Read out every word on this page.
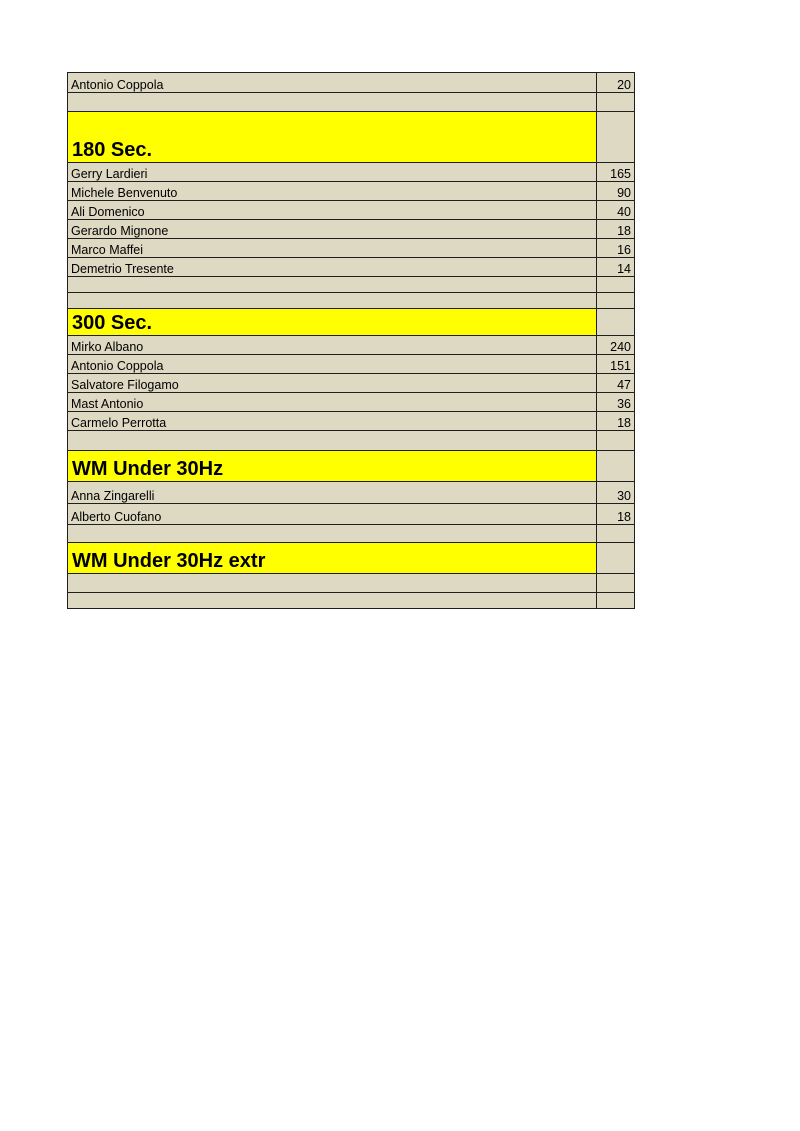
Antonio Coppola	20

180 Sec.	
Gerry Lardieri	165
Michele Benvenuto	90
Ali Domenico	40
Gerardo Mignone	18
Marco Maffei	16
Demetrio Tresente	14

300 Sec.	
Mirko Albano	240
Antonio Coppola	151
Salvatore Filogamo	47
Mast Antonio	36
Carmelo Perrotta	18

WM Under 30Hz	
Anna Zingarelli	30
Alberto Cuofano	18

WM Under 30Hz extr	
